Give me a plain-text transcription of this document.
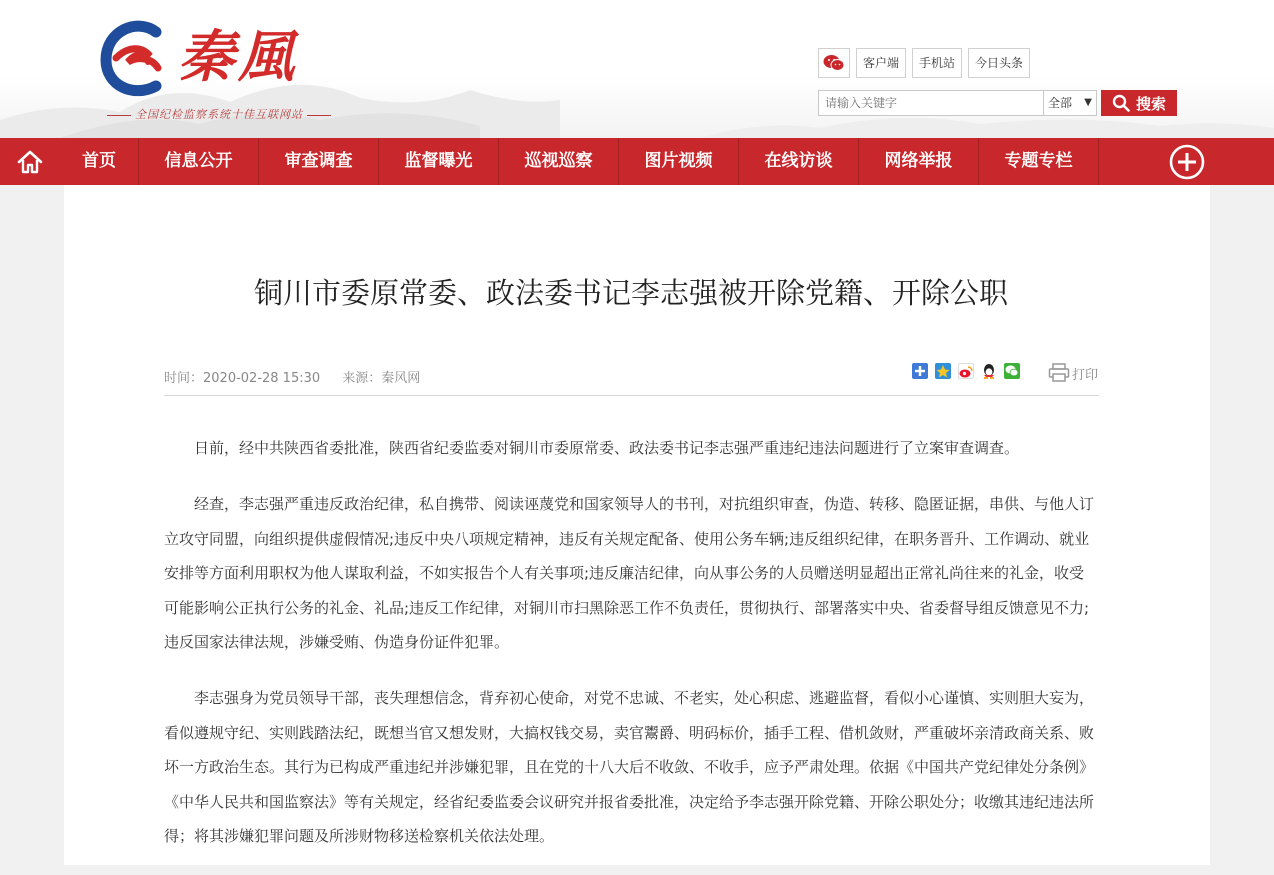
秦風
全国纪检监察系统十佳互联网站
客户端	手机站	今日头条
请输入关键字
全部 ▼	搜索
首页	信息公开	审查调查	监督曝光	巡视巡察	图片视频	在线访谈	网络举报	专题专栏
铜川市委原常委、政法委书记李志强被开除党籍、开除公职
时间：2020-02-28 15:30 来源：秦风网	打印

日前，经中共陕西省委批准，陕西省纪委监委对铜川市委原常委、政法委书记李志强严重违纪违法问题进行了立案审查调查。

经查，李志强严重违反政治纪律，私自携带、阅读诬蔑党和国家领导人的书刊，对抗组织审查，伪造、转移、隐匿证据，串供、与他人订立攻守同盟，向组织提供虚假情况;违反中央八项规定精神，违反有关规定配备、使用公务车辆;违反组织纪律，在职务晋升、工作调动、就业安排等方面利用职权为他人谋取利益，不如实报告个人有关事项;违反廉洁纪律，向从事公务的人员赠送明显超出正常礼尚往来的礼金，收受可能影响公正执行公务的礼金、礼品;违反工作纪律，对铜川市扫黑除恶工作不负责任，贯彻执行、部署落实中央、省委督导组反馈意见不力;违反国家法律法规，涉嫌受贿、伪造身份证件犯罪。

李志强身为党员领导干部，丧失理想信念，背弃初心使命，对党不忠诚、不老实，处心积虑、逃避监督，看似小心谨慎、实则胆大妄为，看似遵规守纪、实则践踏法纪，既想当官又想发财，大搞权钱交易，卖官鬻爵、明码标价，插手工程、借机敛财，严重破坏亲清政商关系、败坏一方政治生态。其行为已构成严重违纪并涉嫌犯罪，且在党的十八大后不收敛、不收手，应予严肃处理。依据《中国共产党纪律处分条例》《中华人民共和国监察法》等有关规定，经省纪委监委会议研究并报省委批准，决定给予李志强开除党籍、开除公职处分；收缴其违纪违法所得；将其涉嫌犯罪问题及所涉财物移送检察机关依法处理。
